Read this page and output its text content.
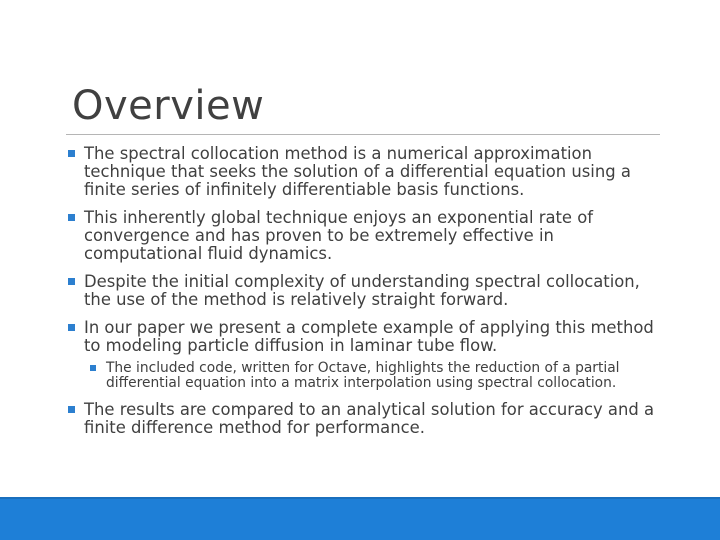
Overview
The spectral collocation method is a numerical approximation technique that seeks the solution of a differential equation using a finite series of infinitely differentiable basis functions.
This inherently global technique enjoys an exponential rate of convergence and has proven to be extremely effective in computational fluid dynamics.
Despite the initial complexity of understanding spectral collocation, the use of the method is relatively straight forward.
In our paper we present a complete example of applying this method to modeling particle diffusion in laminar tube flow.
The included code, written for Octave, highlights the reduction of a partial differential equation into a matrix interpolation using spectral collocation.
The results are compared to an analytical solution for accuracy and a finite difference method for performance.
